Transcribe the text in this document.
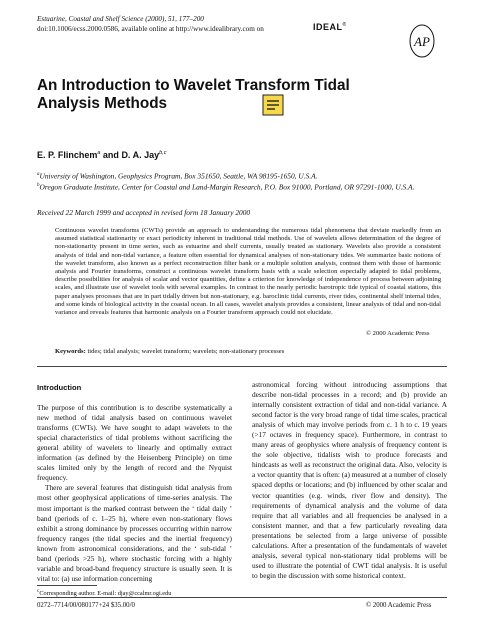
Estuarine, Coastal and Shelf Science (2000), 51, 177–200
doi:10.1006/ecss.2000.0586, available online at http://www.idealibrary.com on	IDEAL®
AP
An Introduction to Wavelet Transform Tidal Analysis Methods
E. P. Flinchem$^a$ and D. A. Jay$^{b,c}$

$^a$University of Washington, Geophysics Program, Box 351650, Seattle, WA 98195-1650, U.S.A.

$^b$Oregon Graduate Institute, Center for Coastal and Land-Margin Research, P.O. Box 91000, Portland, OR 97291-1000, U.S.A.

Received 22 March 1999 and accepted in revised form 18 January 2000
Continuous wavelet transforms (CWTs) provide an approach to understanding the numerous tidal phenomena that deviate markedly from an assumed statistical stationarity or exact periodicity inherent in traditional tidal methods. Use of wavelets allows determination of the degree of non-stationarity present in time series, such as estuarine and shelf currents, usually treated as stationary. Wavelets also provide a consistent analysis of tidal and non-tidal variance, a feature often essential for dynamical analyses of non-stationary tides. We summarize basic notions of the wavelet transform, also known as a perfect reconstruction filter bank or a multiple solution analysis, contrast them with those of harmonic analysis and Fourier transforms, construct a continuous wavelet transform basis with a scale selection especially adapted to tidal problems, describe possibilities for analysis of scalar and vector quantities, define a criterion for knowledge of independence of process between adjoining scales, and illustrate use of wavelet tools with several examples. In contrast to the nearly periodic barotropic tide typical of coastal stations, this paper analyses processes that are in part tidally driven but non-stationary, e.g. baroclinic tidal currents, river tides, continental shelf internal tides, and some kinds of biological activity in the coastal ocean. In all cases, wavelet analysis provides a consistent, linear analysis of tidal and non-tidal variance and reveals features that harmonic analysis on a Fourier transform approach could not elucidate.
© 2000 Academic Press
Keywords: tides; tidal analysis; wavelet transform; wavelets; non-stationary processes
Introduction

The purpose of this contribution is to describe systematically a new method of tidal analysis based on continuous wavelet transforms (CWTs). We have sought to adapt wavelets to the special characteristics of tidal problems without sacrificing the general ability of wavelets to linearly and optimally extract information (as defined by the Heisenberg Principle) on time scales limited only by the length of record and the Nyquist frequency.

There are several features that distinguish tidal analysis from most other geophysical applications of time-series analysis. The most important is the marked contrast between the ‘ tidal daily ’ band (periods of c. 1–25 h), where even non-stationary flows exhibit a strong dominance by processes occurring within narrow frequency ranges (the tidal species and the inertial frequency) known from astronomical considerations, and the ‘ sub-tidal ’ band (periods >25 h), where stochastic forcing with a highly variable and broad-band frequency structure is usually seen. It is vital to: (a) use information concerning

astronomical forcing without introducing assumptions that describe non-tidal processes in a record; and (b) provide an internally consistent extraction of tidal and non-tidal variance. A second factor is the very broad range of tidal time scales, practical analysis of which may involve periods from c. 1 h to c. 19 years (>17 octaves in frequency space). Furthermore, in contrast to many areas of geophysics where analysis of frequency content is the sole objective, tidalists wish to produce forecasts and hindcasts as well as reconstruct the original data. Also, velocity is a vector quantity that is often: (a) measured at a number of closely spaced depths or locations; and (b) influenced by other scalar and vector quantities (e.g. winds, river flow and density). The requirements of dynamical analysis and the volume of data require that all variables and all frequencies be analysed in a consistent manner, and that a few particularly revealing data presentations be selected from a large universe of possible calculations. After a presentation of the fundamentals of wavelet analysis, several typical non-stationary tidal problems will be used to illustrate the potential of CWT tidal analysis. It is useful to begin the discussion with some historical context.

$^c$Corresponding author. E-mail: djay@ccalmr.ogi.edu
0272–7714/00/080177+24 $35.00/0	© 2000 Academic Press
